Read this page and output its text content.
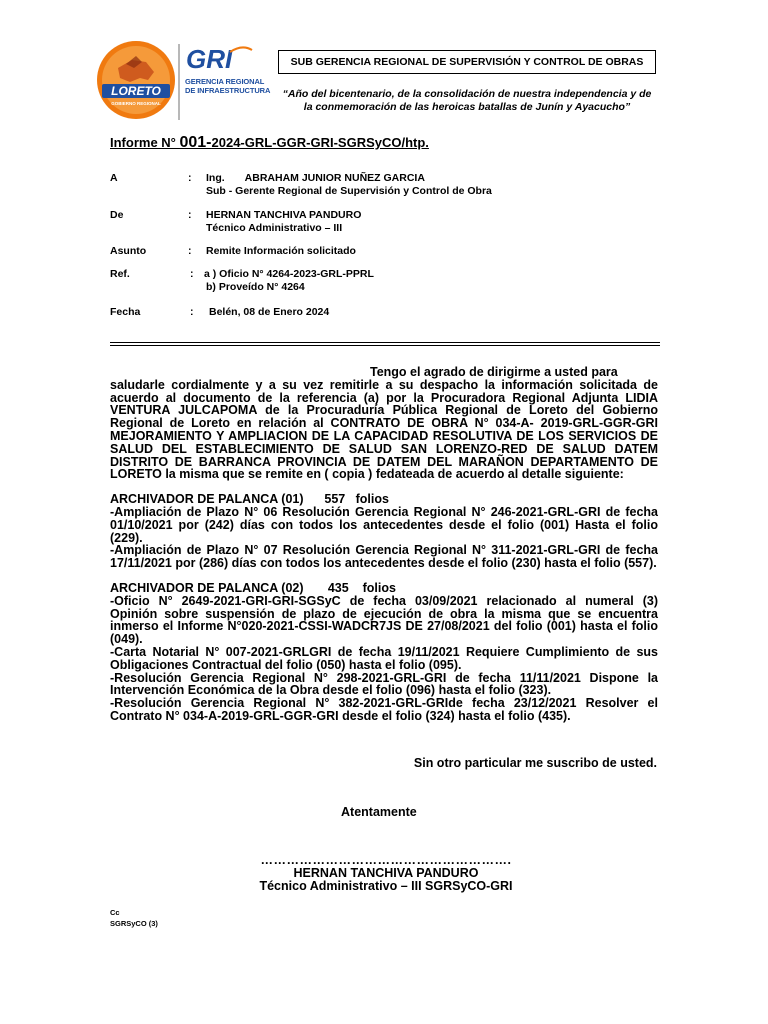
LORETO
GOBIERNO REGIONAL
GRI
GERENCIA REGIONAL
DE INFRAESTRUCTURA
SUB GERENCIA REGIONAL DE SUPERVISIÓN Y CONTROL DE OBRAS
“Año del bicentenario, de la consolidación de nuestra independencia y de
la conmemoración de las heroicas batallas de Junín y Ayacucho”
Informe N° 001-2024-GRL-GGR-GRI-SGRSyCO/htp.
A	: Ing. ABRAHAM JUNIOR NUÑEZ GARCIA
Sub - Gerente Regional de Supervisión y Control de Obra
De	: HERNAN TANCHIVA PANDURO
Técnico Administrativo – III
Asunto	: Remite Información solicitado
Ref.	: a ) Oficio N° 4264-2023-GRL-PPRL
b) Proveído N° 4264
Fecha	: Belén, 08 de Enero 2024

Tengo el agrado de dirigirme a usted para

saludarle cordialmente y a su vez remitirle a su despacho la información solicitada de acuerdo al documento de la referencia (a) por la Procuradora Regional Adjunta LIDIA VENTURA JULCAPOMA de la Procuraduría Pública Regional de Loreto del Gobierno Regional de Loreto en relación al CONTRATO DE OBRA N° 034-A- 2019-GRL-GGR-GRI MEJORAMIENTO Y AMPLIACION DE LA CAPACIDAD RESOLUTIVA DE LOS SERVICIOS DE SALUD DEL ESTABLECIMIENTO DE SALUD SAN LORENZO-RED DE SALUD DATEM DISTRITO DE BARRANCA PROVINCIA DE DATEM DEL MARAÑON DEPARTAMENTO DE LORETO la misma que se remite en ( copia ) fedateada de acuerdo al detalle siguiente:

ARCHIVADOR DE PALANCA (01)      557   folios

-Ampliación de Plazo N° 06 Resolución Gerencia Regional N° 246-2021-GRL-GRI de fecha 01/10/2021 por (242) días con todos los antecedentes desde el folio (001) Hasta el folio (229).

-Ampliación de Plazo N° 07 Resolución Gerencia Regional N° 311-2021-GRL-GRI de fecha 17/11/2021 por (286) días con todos los antecedentes desde el folio (230) hasta el folio (557).

ARCHIVADOR DE PALANCA (02)       435    folios

-Oficio N° 2649-2021-GRI-GRI-SGSyC de fecha 03/09/2021 relacionado al numeral (3) Opinión sobre suspensión de plazo de ejecución de obra la misma que se encuentra inmerso el Informe N°020-2021-CSSI-WADCR7JS DE 27/08/2021 del folio (001) hasta el folio (049).

-Carta Notarial N° 007-2021-GRLGRI de fecha 19/11/2021 Requiere Cumplimiento de sus Obligaciones Contractual del folio (050) hasta el folio (095).

-Resolución Gerencia Regional N° 298-2021-GRL-GRI de fecha 11/11/2021 Dispone la Intervención Económica de la Obra desde el folio (096) hasta el folio (323).

-Resolución Gerencia Regional N° 382-2021-GRL-GRIde fecha 23/12/2021 Resolver el Contrato N° 034-A-2019-GRL-GGR-GRI desde el folio (324) hasta el folio (435).

Sin otro particular me suscribo de usted.
Atentamente
………………………………………………….
HERNAN TANCHIVA PANDURO
Técnico Administrativo – III SGRSyCO-GRI
Cc
SGRSyCO (3)
